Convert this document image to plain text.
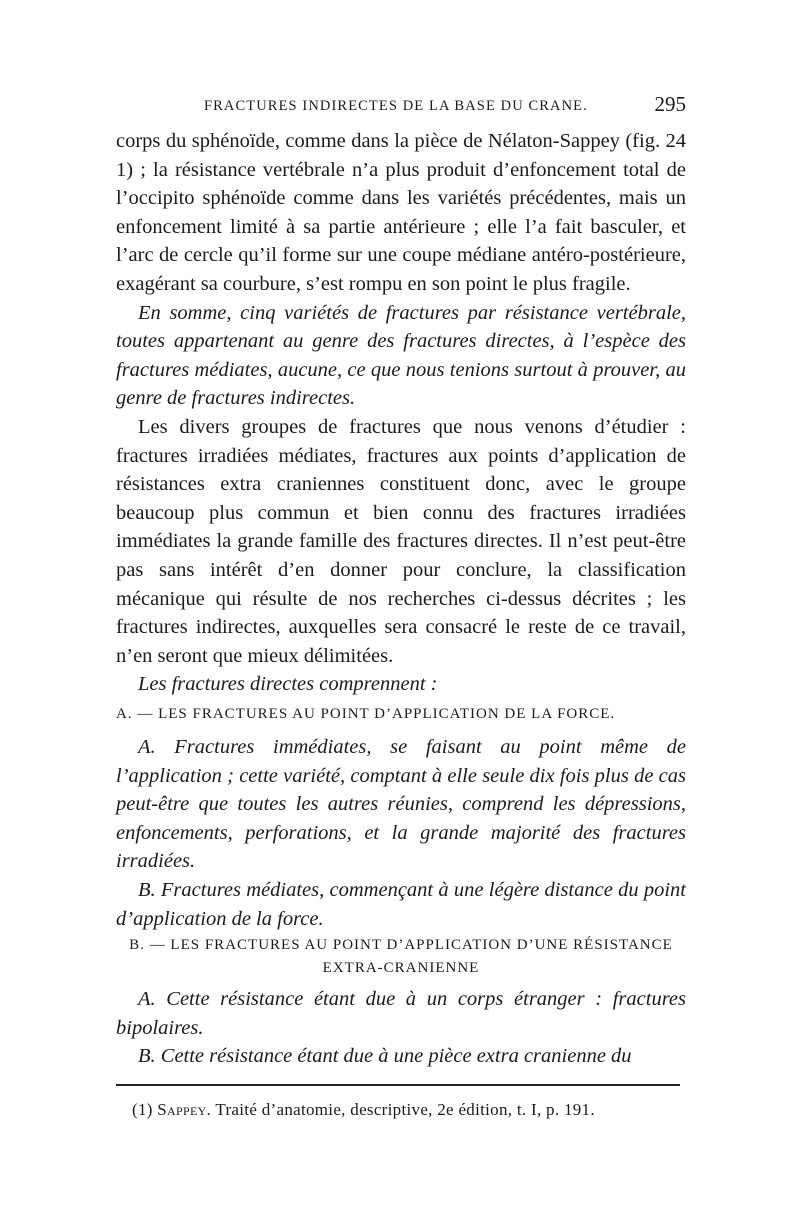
FRACTURES INDIRECTES DE LA BASE DU CRANE.	295

corps du sphénoïde, comme dans la pièce de Nélaton-Sappey (fig. 24 1) ; la résistance vertébrale n’a plus produit d’enfoncement total de l’occipito sphénoïde comme dans les variétés précédentes, mais un enfoncement limité à sa partie antérieure ; elle l’a fait basculer, et l’arc de cercle qu’il forme sur une coupe médiane antéro-postérieure, exagérant sa courbure, s’est rompu en son point le plus fragile.

En somme, cinq variétés de fractures par résistance vertébrale, toutes appartenant au genre des fractures directes, à l’espèce des fractures médiates, aucune, ce que nous tenions surtout à prouver, au genre de fractures indirectes.

Les divers groupes de fractures que nous venons d’étudier : fractures irradiées médiates, fractures aux points d’application de résistances extra craniennes constituent donc, avec le groupe beaucoup plus commun et bien connu des fractures irradiées immédiates la grande famille des fractures directes. Il n’est peut-être pas sans intérêt d’en donner pour conclure, la classification mécanique qui résulte de nos recherches ci-dessus décrites ; les fractures indirectes, auxquelles sera consacré le reste de ce travail, n’en seront que mieux délimitées.

Les fractures directes comprennent :

A. — LES FRACTURES AU POINT D’APPLICATION DE LA FORCE.

A. Fractures immédiates, se faisant au point même de l’application ; cette variété, comptant à elle seule dix fois plus de cas peut-être que toutes les autres réunies, comprend les dépressions, enfoncements, perforations, et la grande majorité des fractures irradiées.

B. Fractures médiates, commençant à une légère distance du point d’application de la force.

B. — LES FRACTURES AU POINT D’APPLICATION D’UNE RÉSISTANCE
EXTRA-CRANIENNE

A. Cette résistance étant due à un corps étranger : fractures bipolaires.

B. Cette résistance étant due à une pièce extra cranienne du

(1) Sappey. Traité d’anatomie, descriptive, 2e édition, t. I, p. 191.
